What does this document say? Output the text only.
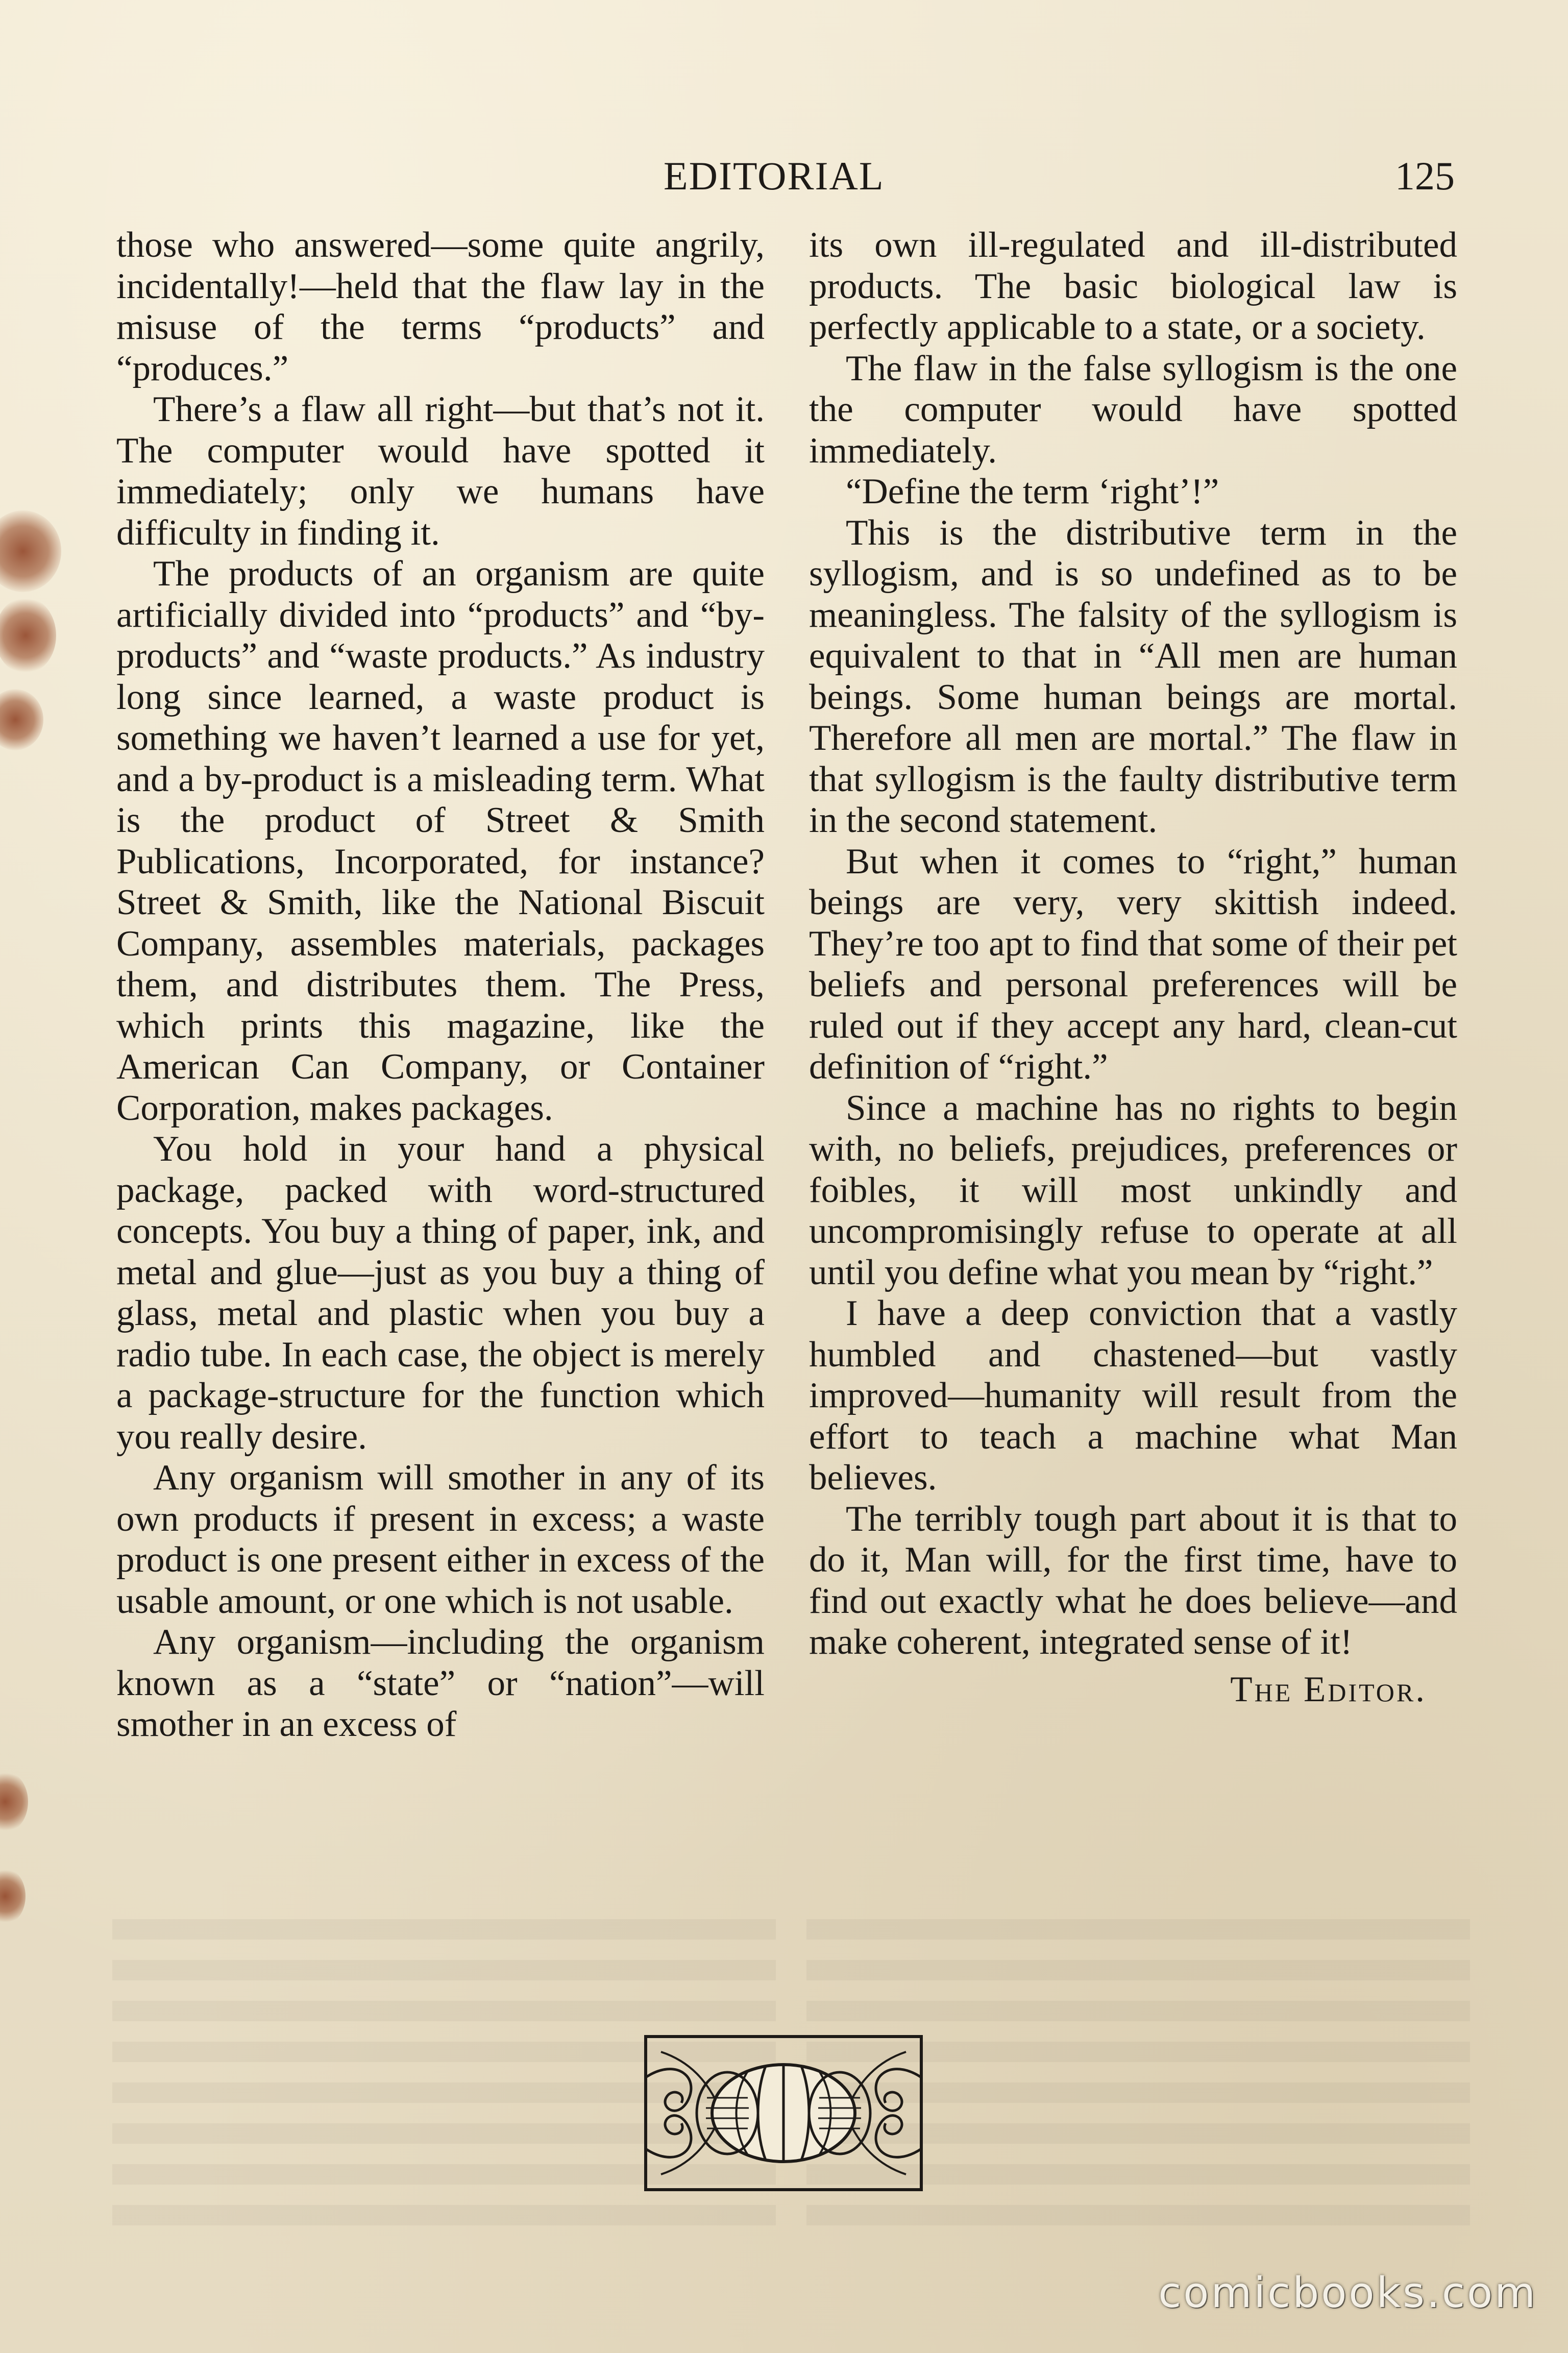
EDITORIAL	125

those who answered—some quite angrily, incidentally!—held that the flaw lay in the misuse of the terms “products” and “produces.”

There’s a flaw all right—but that’s not it. The computer would have spotted it immediately; only we humans have difficulty in finding it.

The products of an organism are quite artificially divided into “products” and “by-products” and “waste products.” As industry long since learned, a waste product is something we haven’t learned a use for yet, and a by-product is a misleading term. What is the product of Street & Smith Publications, Incorporated, for instance? Street & Smith, like the National Biscuit Company, assembles materials, packages them, and distributes them. The Press, which prints this magazine, like the American Can Company, or Container Corporation, makes packages.

You hold in your hand a physical package, packed with word-structured concepts. You buy a thing of paper, ink, and metal and glue—just as you buy a thing of glass, metal and plastic when you buy a radio tube. In each case, the object is merely a package-structure for the function which you really desire.

Any organism will smother in any of its own products if present in excess; a waste product is one present either in excess of the usable amount, or one which is not usable.

Any organism—including the organism known as a “state” or “nation”—will smother in an excess of

its own ill-regulated and ill-distributed products. The basic biological law is perfectly applicable to a state, or a society.

The flaw in the false syllogism is the one the computer would have spotted immediately.

“Define the term ‘right’!”

This is the distributive term in the syllogism, and is so undefined as to be meaningless. The falsity of the syllogism is equivalent to that in “All men are human beings. Some human beings are mortal. Therefore all men are mortal.” The flaw in that syllogism is the faulty distributive term in the second statement.

But when it comes to “right,” human beings are very, very skittish indeed. They’re too apt to find that some of their pet beliefs and personal preferences will be ruled out if they accept any hard, clean-cut definition of “right.”

Since a machine has no rights to begin with, no beliefs, prejudices, preferences or foibles, it will most unkindly and uncompromisingly refuse to operate at all until you define what you mean by “right.”

I have a deep conviction that a vastly humbled and chastened—but vastly improved—humanity will result from the effort to teach a machine what Man believes.

The terribly tough part about it is that to do it, Man will, for the first time, have to find out exactly what he does believe—and make coherent, integrated sense of it!

The Editor.

comicbooks.com
